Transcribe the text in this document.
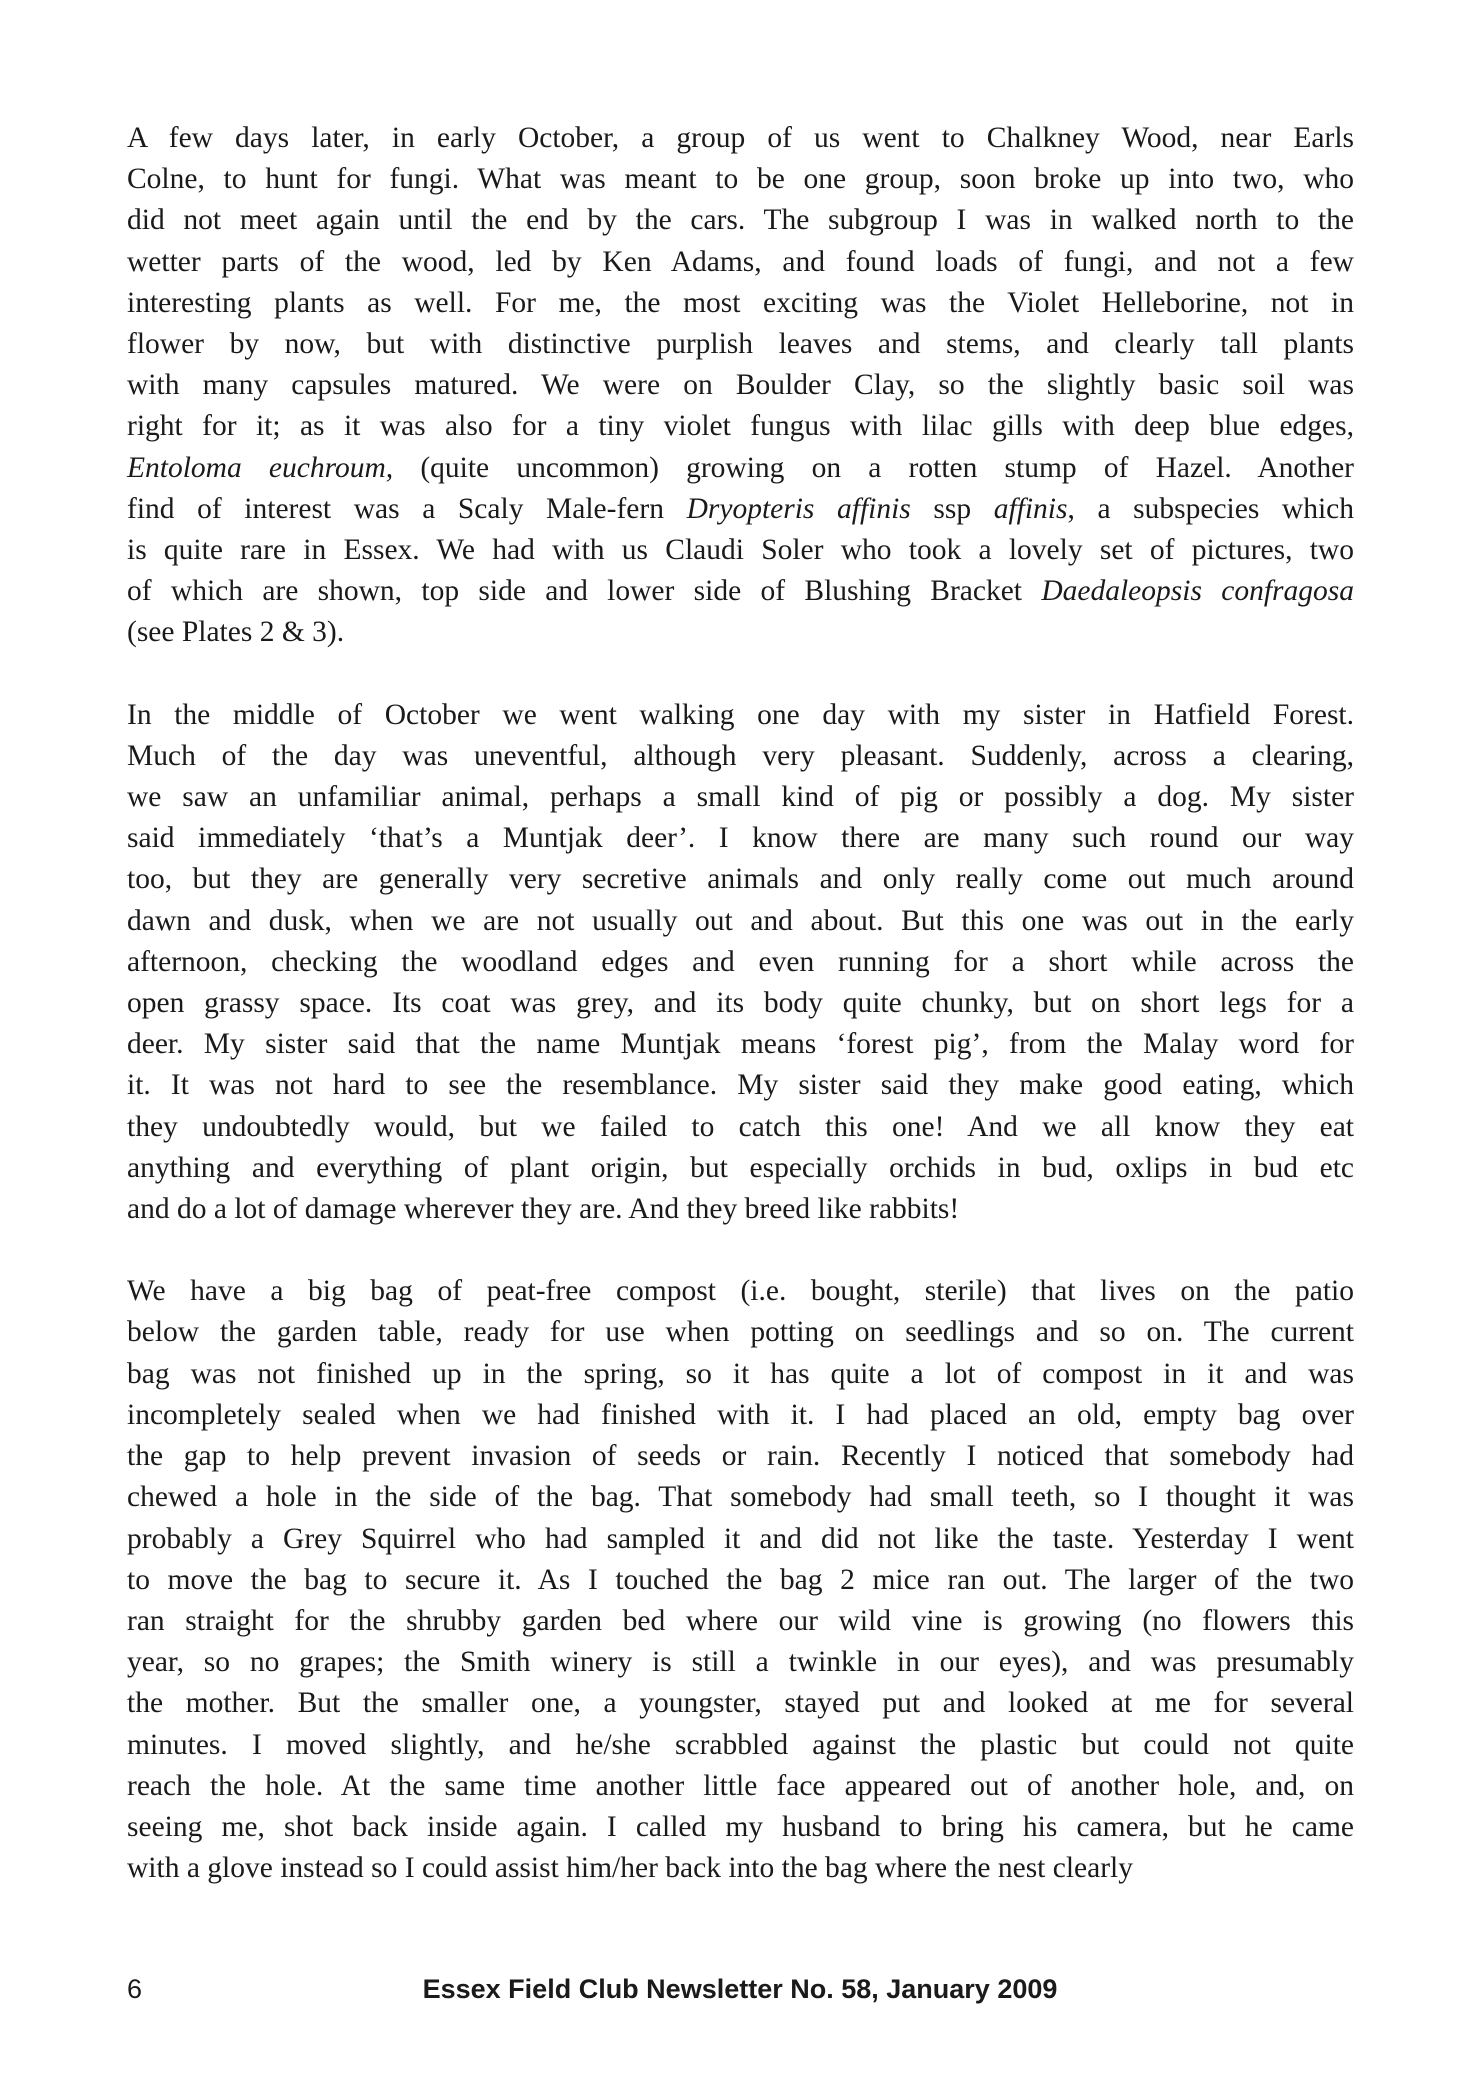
A few days later, in early October, a group of us went to Chalkney Wood, near Earls
Colne, to hunt for fungi. What was meant to be one group, soon broke up into two, who
did not meet again until the end by the cars. The subgroup I was in walked north to the
wetter parts of the wood, led by Ken Adams, and found loads of fungi, and not a few
interesting plants as well. For me, the most exciting was the Violet Helleborine, not in
flower by now, but with distinctive purplish leaves and stems, and clearly tall plants
with many capsules matured. We were on Boulder Clay, so the slightly basic soil was
right for it; as it was also for a tiny violet fungus with lilac gills with deep blue edges,
Entoloma euchroum, (quite uncommon) growing on a rotten stump of Hazel. Another
find of interest was a Scaly Male-fern Dryopteris affinis ssp affinis, a subspecies which
is quite rare in Essex. We had with us Claudi Soler who took a lovely set of pictures, two
of which are shown, top side and lower side of Blushing Bracket Daedaleopsis confragosa
(see Plates 2 & 3).
In the middle of October we went walking one day with my sister in Hatfield Forest.
Much of the day was uneventful, although very pleasant. Suddenly, across a clearing,
we saw an unfamiliar animal, perhaps a small kind of pig or possibly a dog. My sister
said immediately ‘that’s a Muntjak deer’. I know there are many such round our way
too, but they are generally very secretive animals and only really come out much around
dawn and dusk, when we are not usually out and about. But this one was out in the early
afternoon, checking the woodland edges and even running for a short while across the
open grassy space. Its coat was grey, and its body quite chunky, but on short legs for a
deer. My sister said that the name Muntjak means ‘forest pig’, from the Malay word for
it. It was not hard to see the resemblance. My sister said they make good eating, which
they undoubtedly would, but we failed to catch this one! And we all know they eat
anything and everything of plant origin, but especially orchids in bud, oxlips in bud etc
and do a lot of damage wherever they are. And they breed like rabbits!
We have a big bag of peat-free compost (i.e. bought, sterile) that lives on the patio
below the garden table, ready for use when potting on seedlings and so on. The current
bag was not finished up in the spring, so it has quite a lot of compost in it and was
incompletely sealed when we had finished with it. I had placed an old, empty bag over
the gap to help prevent invasion of seeds or rain. Recently I noticed that somebody had
chewed a hole in the side of the bag. That somebody had small teeth, so I thought it was
probably a Grey Squirrel who had sampled it and did not like the taste. Yesterday I went
to move the bag to secure it. As I touched the bag 2 mice ran out. The larger of the two
ran straight for the shrubby garden bed where our wild vine is growing (no flowers this
year, so no grapes; the Smith winery is still a twinkle in our eyes), and was presumably
the mother. But the smaller one, a youngster, stayed put and looked at me for several
minutes. I moved slightly, and he/she scrabbled against the plastic but could not quite
reach the hole. At the same time another little face appeared out of another hole, and, on
seeing me, shot back inside again. I called my husband to bring his camera, but he came
with a glove instead so I could assist him/her back into the bag where the nest clearly
Essex Field Club Newsletter No. 58, January 2009
6
